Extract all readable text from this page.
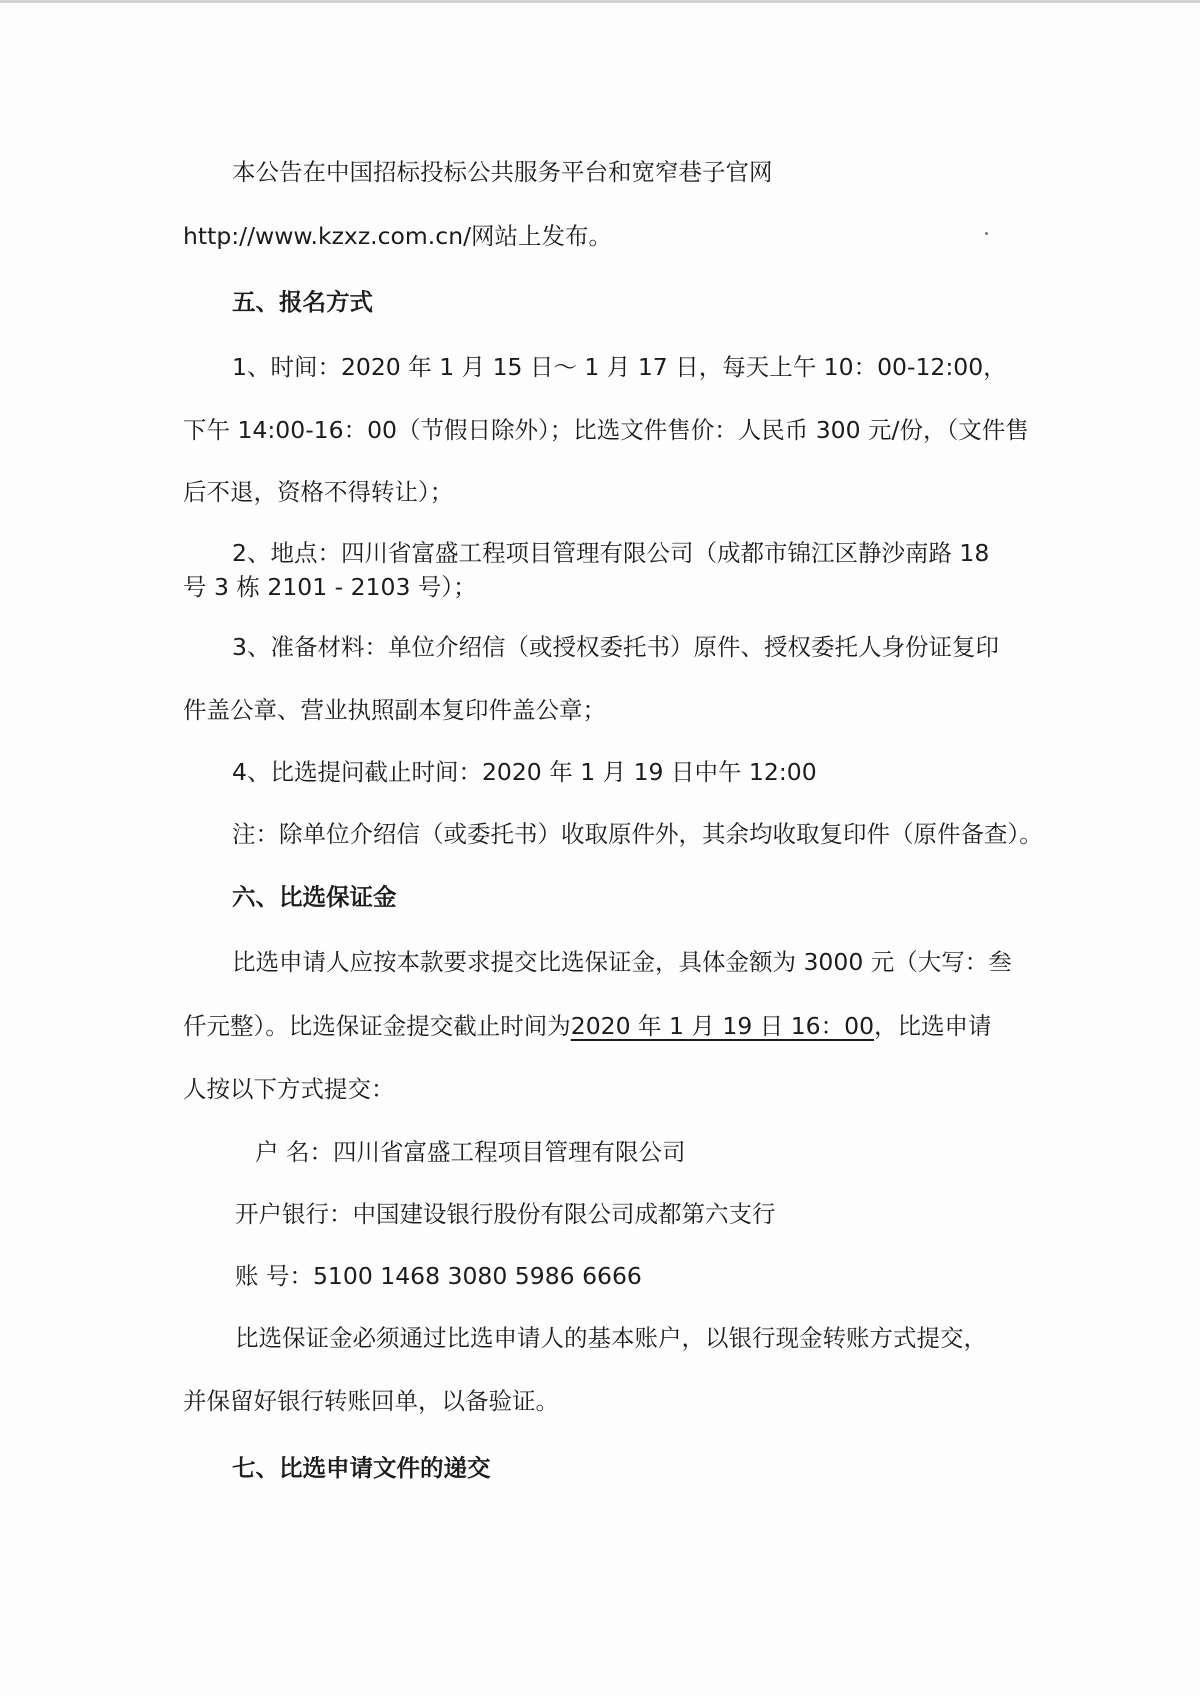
本公告在中国招标投标公共服务平台和宽窄巷子官网
http://www.kzxz.com.cn/网站上发布。
五、报名方式
1、时间：2020 年 1 月 15 日～ 1 月 17 日，每天上午 10：00-12:00，
下午 14:00-16：00（节假日除外）；比选文件售价：人民币 300 元/份，（文件售
后不退，资格不得转让）；
2、地点：四川省富盛工程项目管理有限公司（成都市锦江区静沙南路 18
号 3 栋 2101 - 2103 号）；
3、准备材料：单位介绍信（或授权委托书）原件、授权委托人身份证复印
件盖公章、营业执照副本复印件盖公章；
4、比选提问截止时间：2020 年 1 月 19 日中午 12:00
注：除单位介绍信（或委托书）收取原件外，其余均收取复印件（原件备查）。
六、比选保证金
比选申请人应按本款要求提交比选保证金，具体金额为 3000 元（大写：叁
仟元整）。比选保证金提交截止时间为2020 年 1 月 19 日 16：00，比选申请
人按以下方式提交：
户 名：四川省富盛工程项目管理有限公司
开户银行：中国建设银行股份有限公司成都第六支行
账 号：5100 1468 3080 5986 6666
比选保证金必须通过比选申请人的基本账户，以银行现金转账方式提交，
并保留好银行转账回单，以备验证。
七、比选申请文件的递交
